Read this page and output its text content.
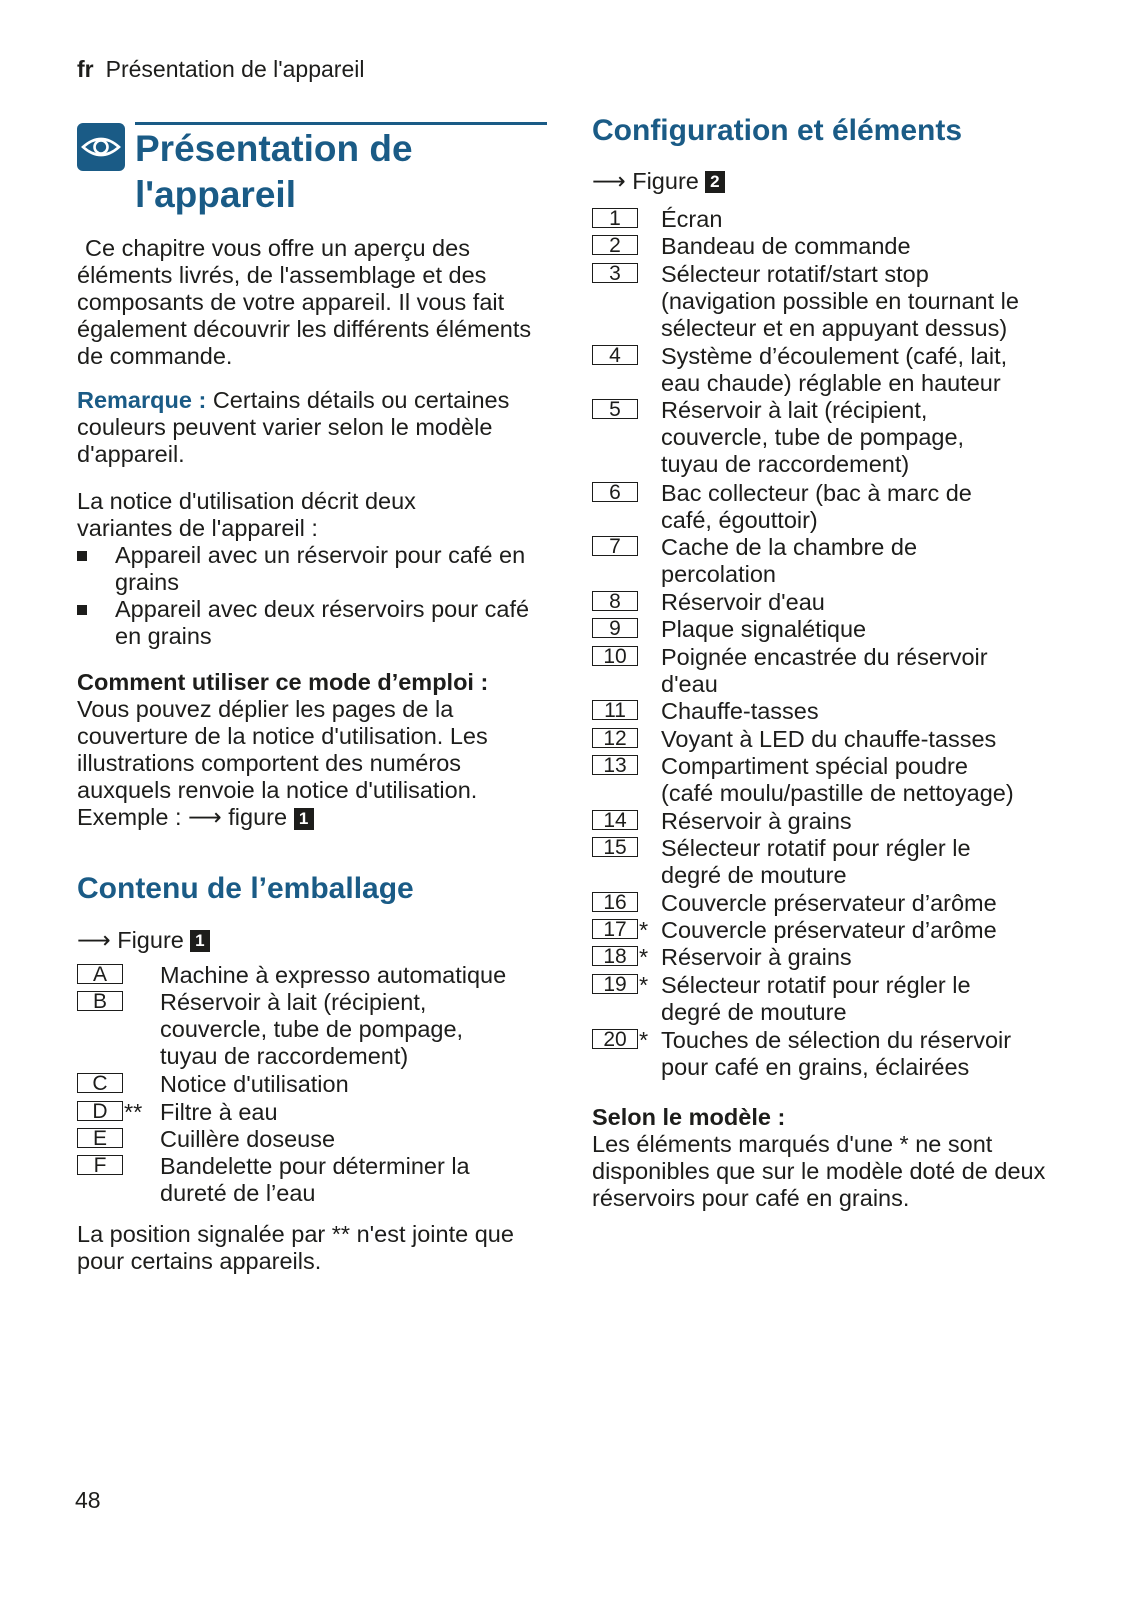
fr Présentation de l'appareil
Présentation de
l'appareil

Ce chapitre vous offre un aperçu des éléments livrés, de l'assemblage et des composants de votre appareil. Il vous fait également découvrir les différents éléments de commande.

Remarque : Certains détails ou certaines couleurs peuvent varier selon le modèle d'appareil.

La notice d'utilisation décrit deux variantes de l'appareil :

Appareil avec un réservoir pour café en grains
Appareil avec deux réservoirs pour café en grains
Comment utiliser ce mode d’emploi :
Vous pouvez déplier les pages de la couverture de la notice d'utilisation. Les illustrations comportent des numéros auxquels renvoie la notice d'utilisation.
Exemple : ⟶ figure 1
Contenu de l’emballage
⟶ Figure 1
A	Machine à expresso automatique
B	Réservoir à lait (récipient,
couvercle, tube de pompage,
tuyau de raccordement)
C	Notice d'utilisation
D ** Filtre à eau
E	Cuillère doseuse
F	Bandelette pour déterminer la
dureté de l’eau

La position signalée par ** n'est jointe que pour certains appareils.

Configuration et éléments
⟶ Figure 2
1	Écran
2	Bandeau de commande
3	Sélecteur rotatif/start stop
(navigation possible en tournant le
sélecteur et en appuyant dessus)
4	Système d’écoulement (café, lait,
eau chaude) réglable en hauteur
5	Réservoir à lait (récipient,
couvercle, tube de pompage,
tuyau de raccordement)
6	Bac collecteur (bac à marc de
café, égouttoir)
7	Cache de la chambre de
percolation
8	Réservoir d'eau
9	Plaque signalétique
10	Poignée encastrée du réservoir
d'eau
11	Chauffe-tasses
12	Voyant à LED du chauffe-tasses
13	Compartiment spécial poudre
(café moulu/pastille de nettoyage)
14	Réservoir à grains
15	Sélecteur rotatif pour régler le
degré de mouture
16	Couvercle préservateur d’arôme
17 * Couvercle préservateur d’arôme
18 * Réservoir à grains
19 * Sélecteur rotatif pour régler le
degré de mouture
20 * Touches de sélection du réservoir
pour café en grains, éclairées
Selon le modèle :
Les éléments marqués d'une * ne sont disponibles que sur le modèle doté de deux réservoirs pour café en grains.
48
